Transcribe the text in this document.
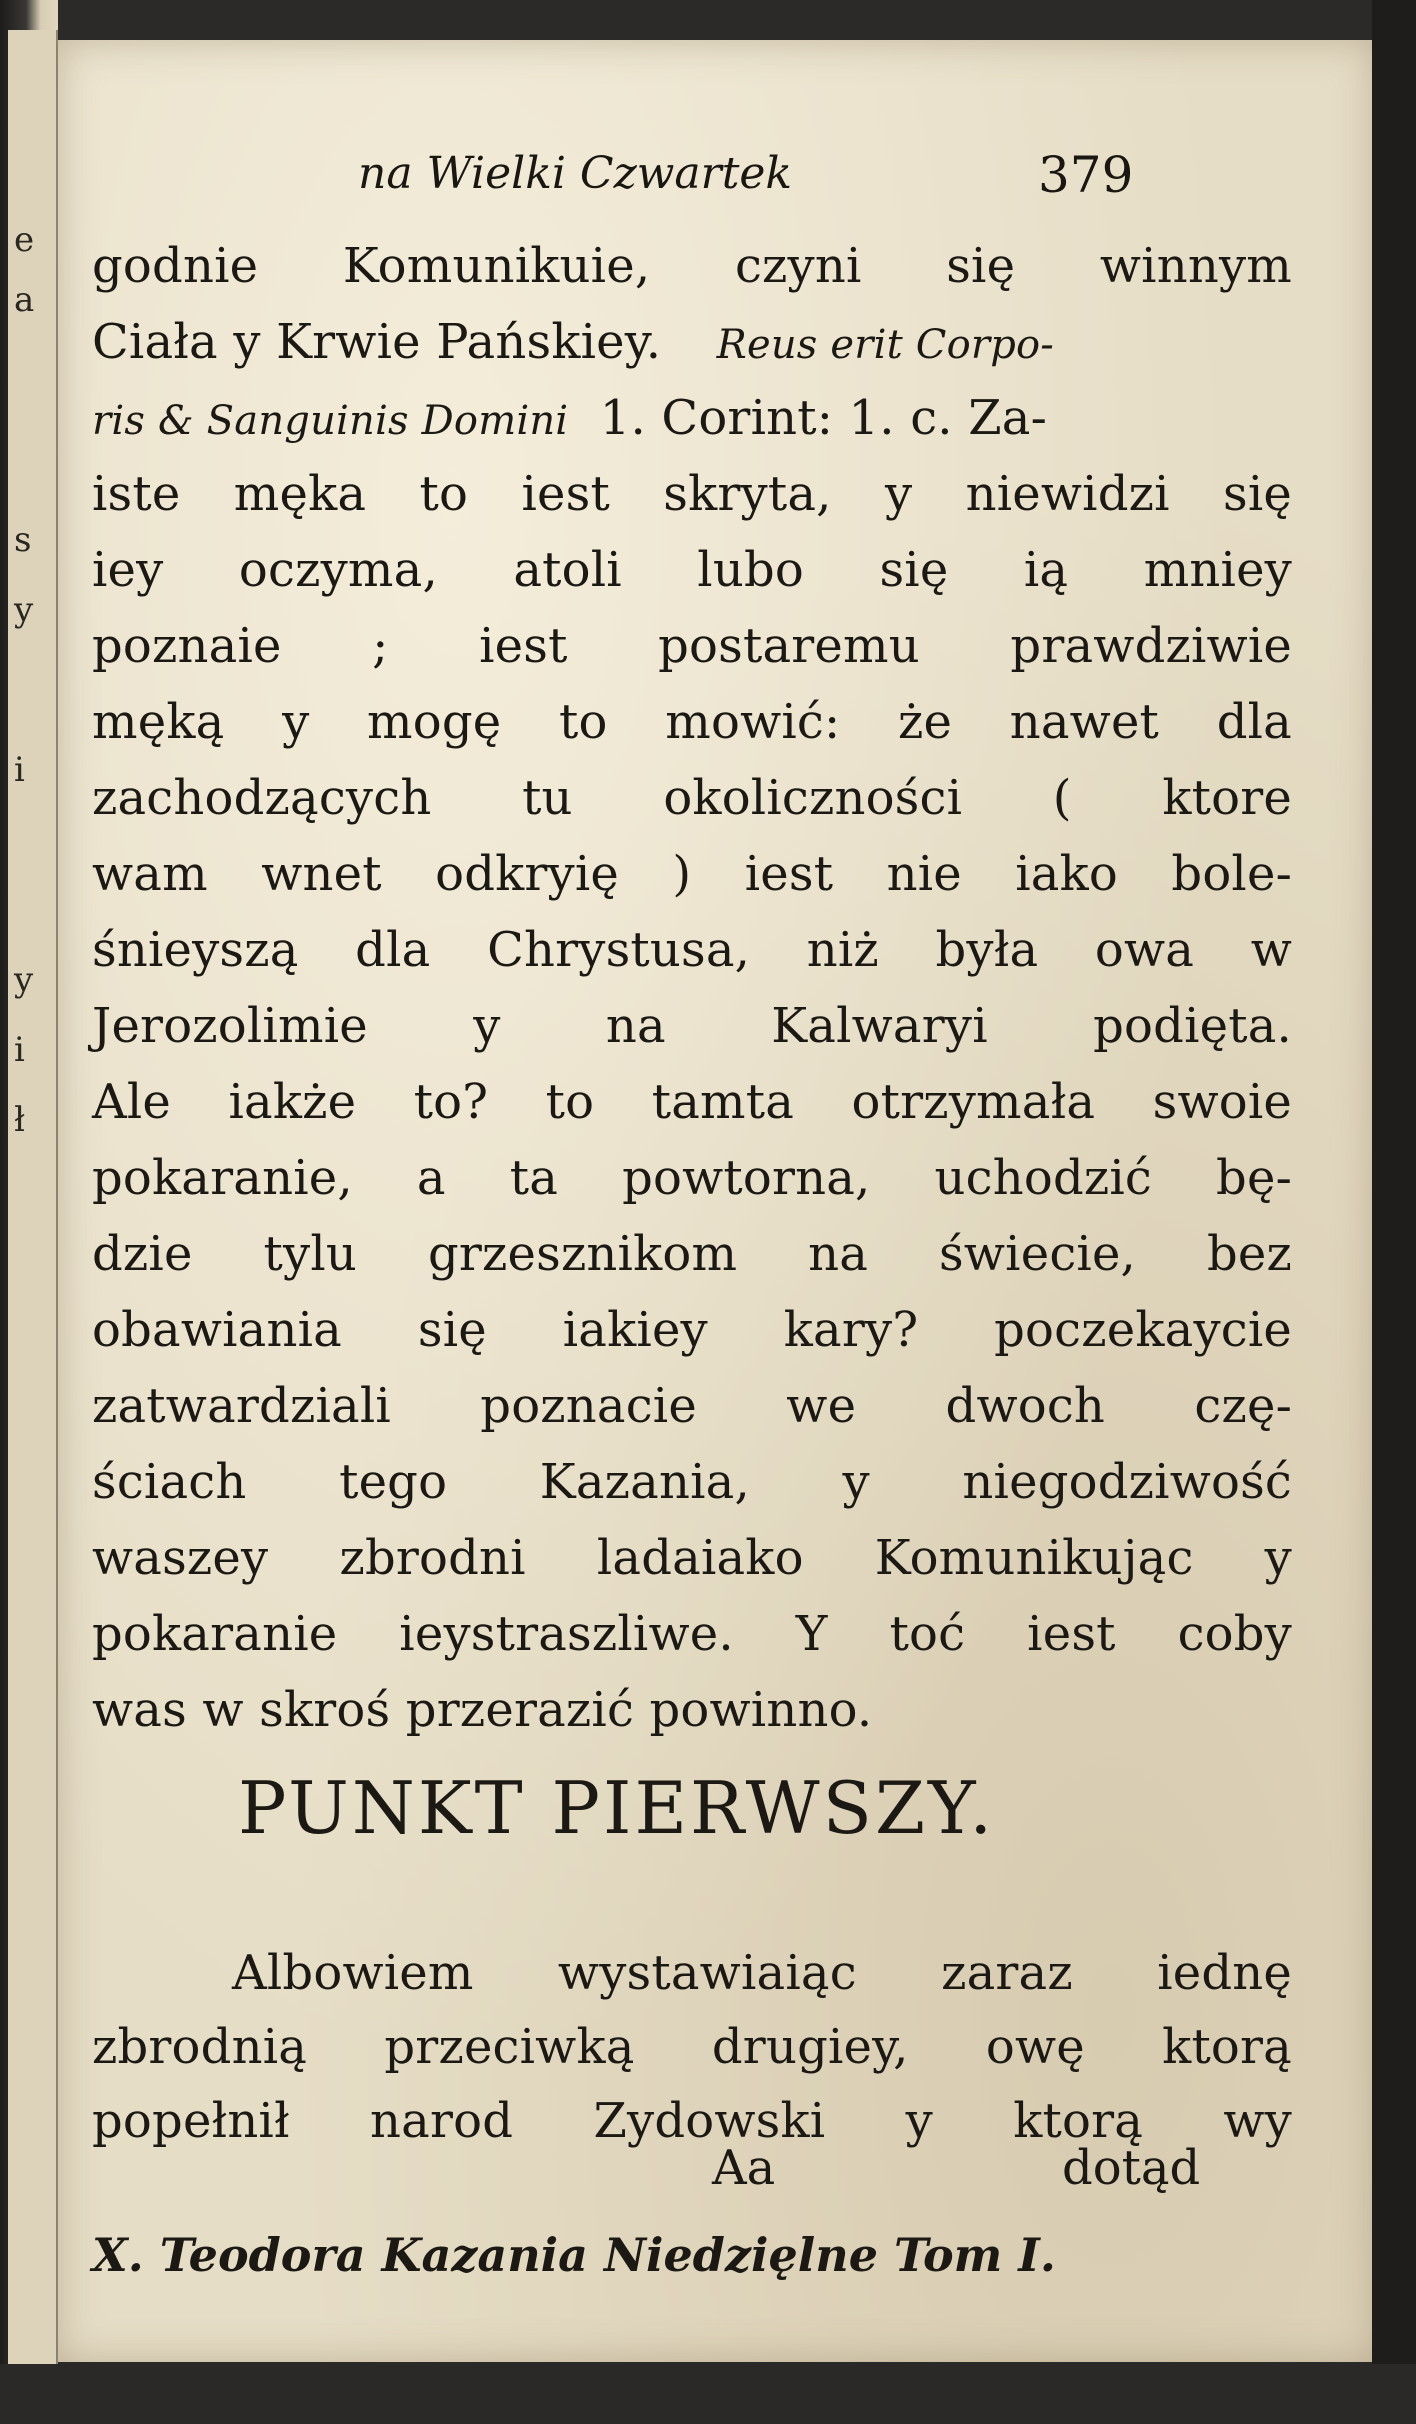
e
a
s
y
i
y
i
ł
na Wielki Czwartek	379
godnie Komunikuie, czyni się winnym
Ciała y Krwie Pańskiey. Reus erit Corpo-
ris & Sanguinis Domini 1. Corint: 1. c. Za-
iste męka to iest skryta, y niewidzi się
iey oczyma, atoli lubo się ią mniey
poznaie ; iest postaremu prawdziwie
męką y mogę to mowić: że nawet dla
zachodzących tu okoliczności ( ktore
wam wnet odkryię ) iest nie iako bole-
śnieyszą dla Chrystusa, niż była owa w
Jerozolimie y na Kalwaryi podięta.
Ale iakże to? to tamta otrzymała swoie
pokaranie, a ta powtorna, uchodzić bę-
dzie tylu grzesznikom na świecie, bez
obawiania się iakiey kary? poczekaycie
zatwardziali poznacie we dwoch czę-
ściach tego Kazania, y niegodziwość
waszey zbrodni ladaiako Komunikując y
pokaranie ieystraszliwe. Y toć iest coby
was w skroś przerazić powinno.
PUNKT PIERWSZY.
Albowiem wystawiaiąc zaraz iednę
zbrodnią przeciwką drugiey, owę ktorą
popełnił narod Zydowski y ktorą wy
Aa	dotąd
X. Teodora Kazania Niedzięlne Tom I.
